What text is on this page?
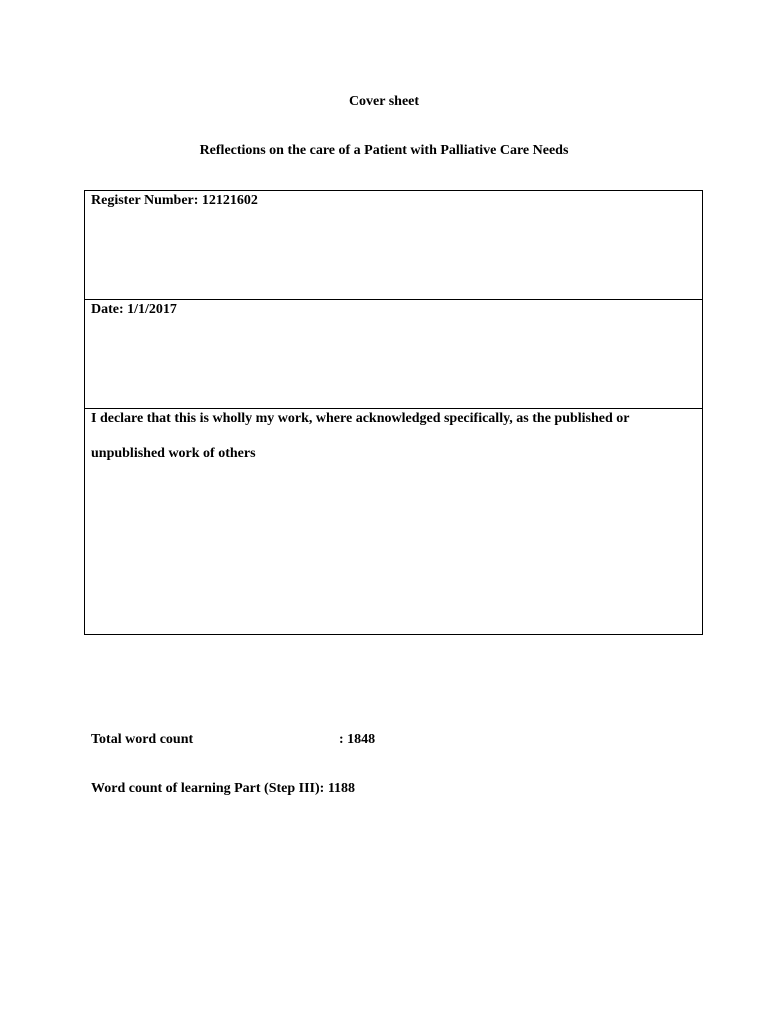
Cover sheet
Reflections on the care of a Patient with Palliative Care Needs
Register Number: 12121602
Date: 1/1/2017
I declare that this is wholly my work, where acknowledged specifically, as the published or
unpublished work of others
Total word count	: 1848
Word count of learning Part (Step III): 1188
